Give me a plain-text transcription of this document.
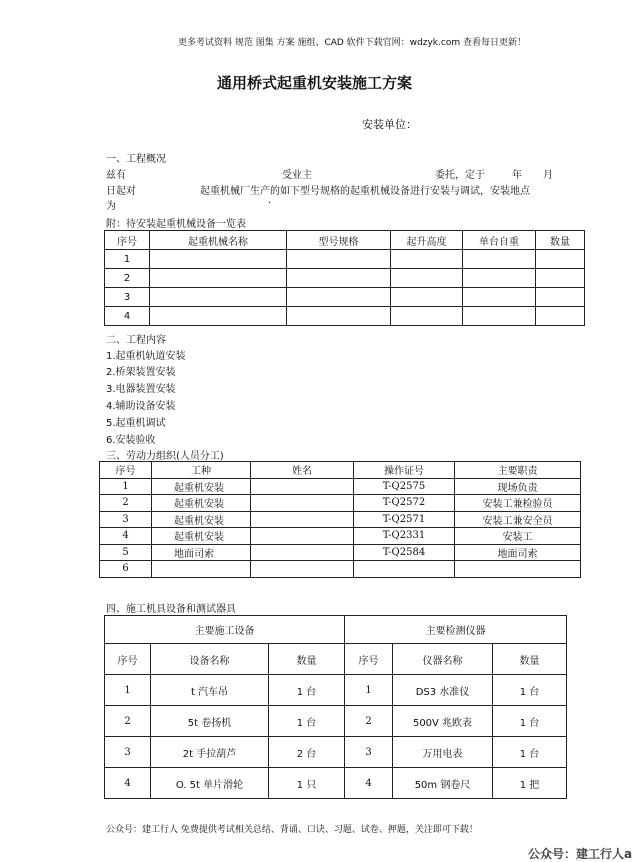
更多考试资料 规范 图集 方案 施组、CAD 软件下载官网：wdzyk.com 查看每日更新！
通用桥式起重机安装施工方案
安装单位：
一、工程概况
兹有	受业主	委托，定于	年 月
日起对	起重机械厂生产的如下型号规格的起重机械设备进行安装与调试，安装地点
为
.
附：待安装起重机械设备一览表
序号	起重机械名称	型号规格	起升高度	单台自重	数量
1					
2					
3					
4					
二、工程内容
1.起重机轨道安装
2.桥架装置安装
3.电器装置安装
4.辅助设备安装
5.起重机调试
6.安装验收
三、劳动力组织(人员分工)
序号	工种	姓名	操作证号	主要职责
1	起重机安装		T-Q2575	现场负责
2	起重机安装		T-Q2572	安装工兼检验员
3	起重机安装		T-Q2571	安装工兼安全员
4	起重机安装		T-Q2331	安装工
5	地面司索		T-Q2584	地面司索
6				
四、施工机具设备和测试器具
主要施工设备			主要检测仪器		
序号	设备名称	数量	序号	仪器名称	数量
1	t 汽车吊	1 台	1	DS3 水准仪	1 台
2	5t 卷扬机	1 台	2	500V 兆欧表	1 台
3	2t 手拉葫芦	2 台	3	万用电表	1 台
4	O. 5t 单片滑轮	1 只	4	50m 钢卷尺	1 把
公众号：建工行人 免费提供考试相关总结、背诵、口诀、习题、试卷、押题，关注即可下载！
公众号：建工行人a
